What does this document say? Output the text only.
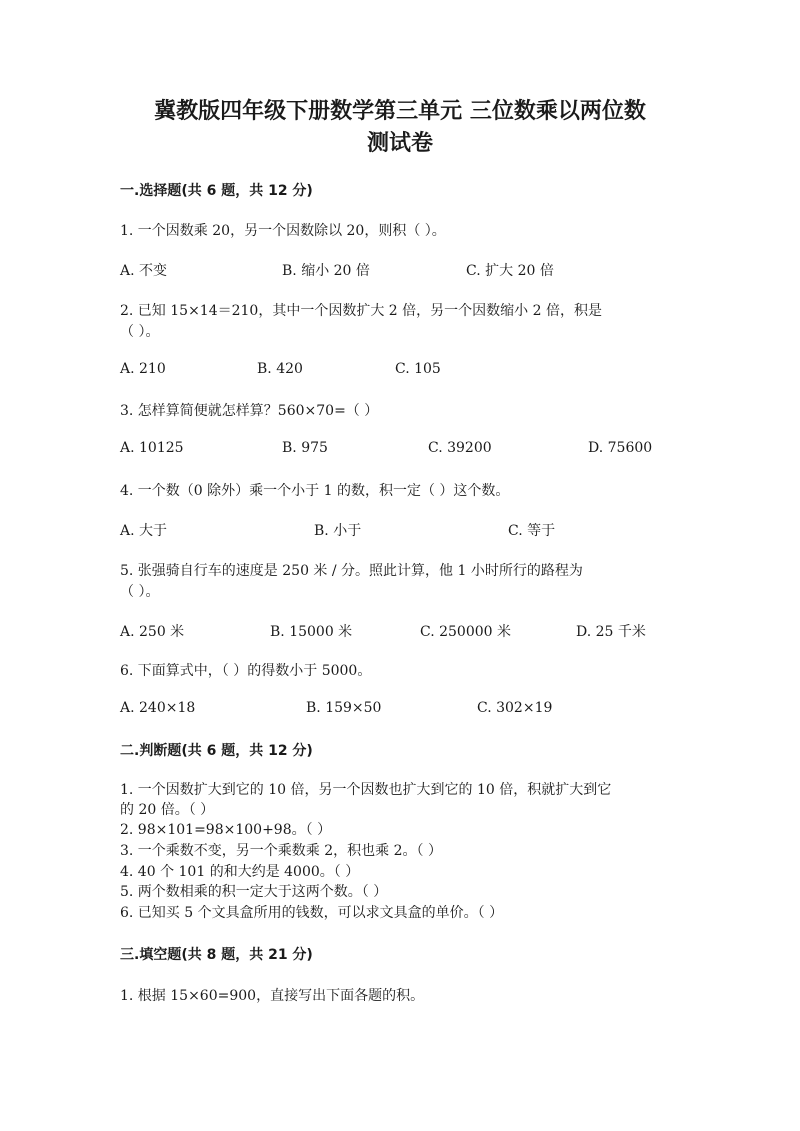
冀教版四年级下册数学第三单元 三位数乘以两位数
测试卷
一.选择题(共 6 题，共 12 分)
1. 一个因数乘 20，另一个因数除以 20，则积（ ）。
A. 不变	B. 缩小 20 倍	C. 扩大 20 倍
2. 已知 15×14＝210，其中一个因数扩大 2 倍，另一个因数缩小 2 倍，积是
（ ）。
A. 210	B. 420	C. 105
3. 怎样算简便就怎样算？560×70=（ ）
A. 10125	B. 975	C. 39200	D. 75600
4. 一个数（0 除外）乘一个小于 1 的数，积一定（ ）这个数。
A. 大于	B. 小于	C. 等于
5. 张强骑自行车的速度是 250 米 / 分。照此计算，他 1 小时所行的路程为
（ ）。
A. 250 米	B. 15000 米	C. 250000 米	D. 25 千米
6. 下面算式中，（ ）的得数小于 5000。
A. 240×18	B. 159×50	C. 302×19
二.判断题(共 6 题，共 12 分)
1. 一个因数扩大到它的 10 倍，另一个因数也扩大到它的 10 倍，积就扩大到它
的 20 倍。（ ）
2. 98×101=98×100+98。（ ）
3. 一个乘数不变，另一个乘数乘 2，积也乘 2。（ ）
4. 40 个 101 的和大约是 4000。（ ）
5. 两个数相乘的积一定大于这两个数。（ ）
6. 已知买 5 个文具盒所用的钱数，可以求文具盒的单价。（ ）
三.填空题(共 8 题，共 21 分)
1. 根据 15×60=900，直接写出下面各题的积。
